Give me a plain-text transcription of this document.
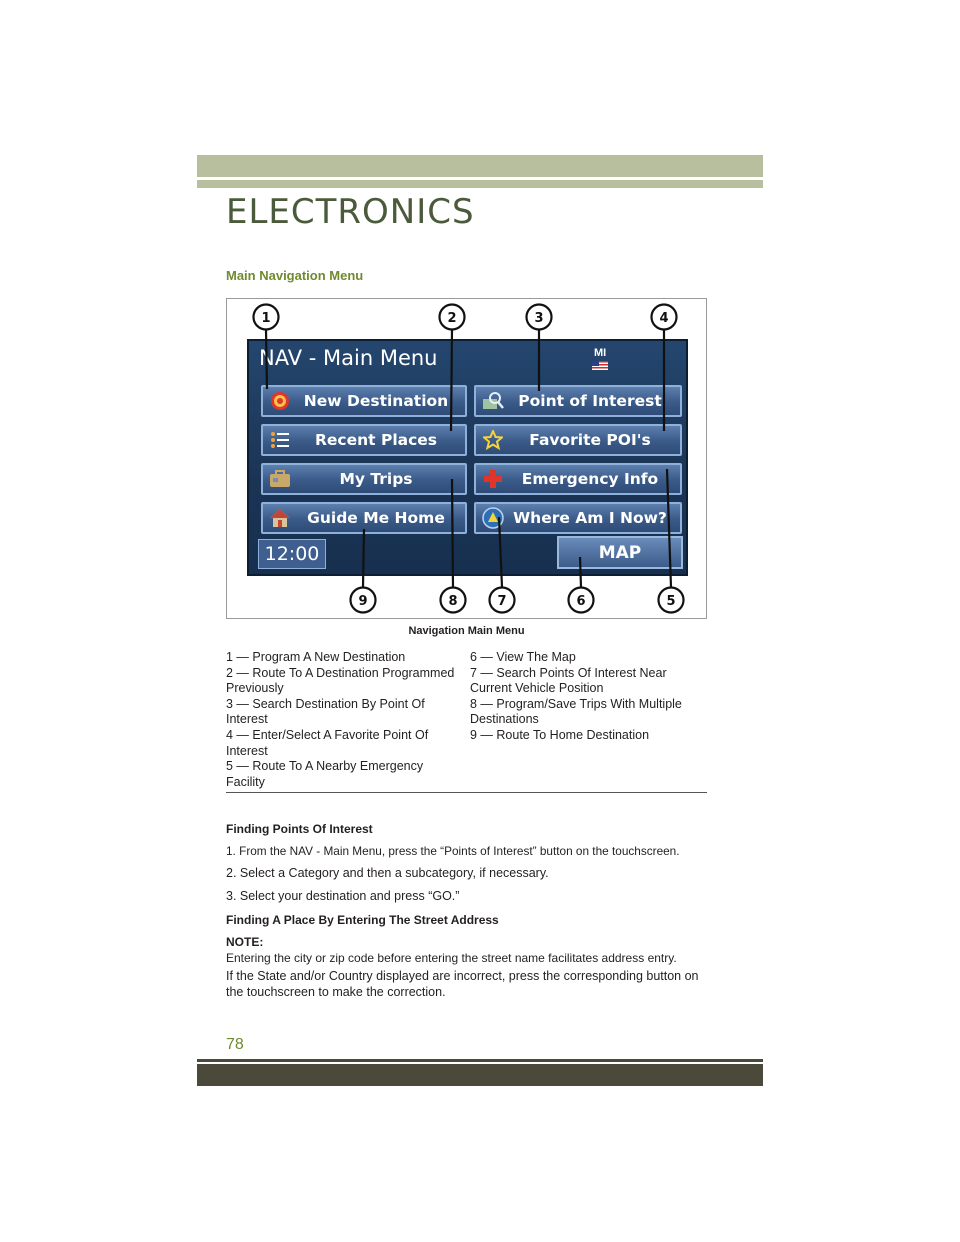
ELECTRONICS
Main Navigation Menu
NAV - Main Menu	MI
New Destination	Point of Interest
Recent Places	Favorite POI's
My Trips	Emergency Info
Guide Me Home	Where Am I Now?
12:00	MAP
1	2	3	4
5
6
7
8
9
Navigation Main Menu
1 — Program A New Destination
2 — Route To A Destination Programmed Previously
3 — Search Destination By Point Of Interest
4 — Enter/Select A Favorite Point Of Interest
5 — Route To A Nearby Emergency Facility
6 — View The Map
7 — Search Points Of Interest Near Current Vehicle Position
8 — Program/Save Trips With Multiple Destinations
9 — Route To Home Destination
Finding Points Of Interest
1. From the NAV - Main Menu, press the “Points of Interest” button on the touchscreen.
2. Select a Category and then a subcategory, if necessary.
3. Select your destination and press “GO.”
Finding A Place By Entering The Street Address
NOTE:
Entering the city or zip code before entering the street name facilitates address entry.
If the State and/or Country displayed are incorrect, press the corresponding button on the touchscreen to make the correction.
78
